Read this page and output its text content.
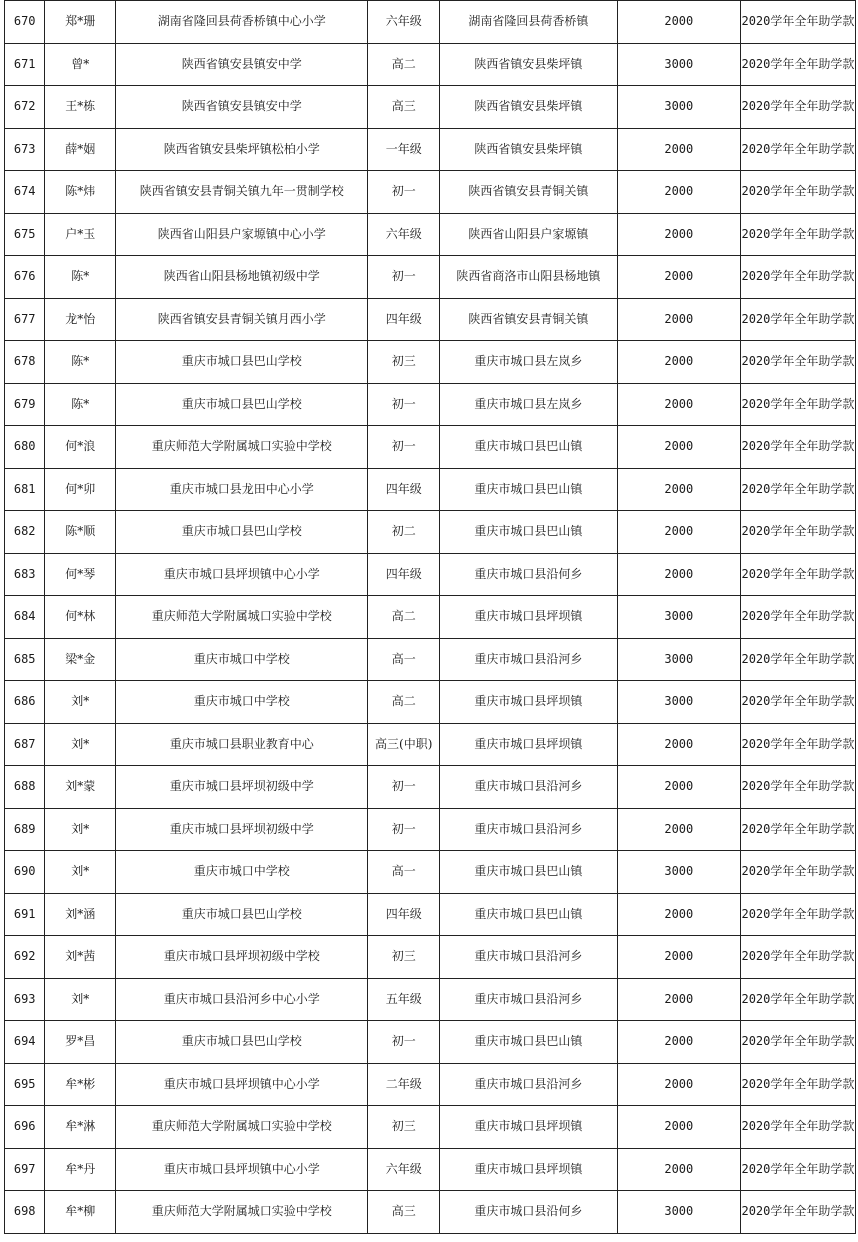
670	郑*珊	湖南省隆回县荷香桥镇中心小学	六年级	湖南省隆回县荷香桥镇	2000	2020学年全年助学款
671	曾*	陕西省镇安县镇安中学	高二	陕西省镇安县柴坪镇	3000	2020学年全年助学款
672	王*栋	陕西省镇安县镇安中学	高三	陕西省镇安县柴坪镇	3000	2020学年全年助学款
673	薛*姻	陕西省镇安县柴坪镇松柏小学	一年级	陕西省镇安县柴坪镇	2000	2020学年全年助学款
674	陈*炜	陕西省镇安县青铜关镇九年一贯制学校	初一	陕西省镇安县青铜关镇	2000	2020学年全年助学款
675	户*玉	陕西省山阳县户家塬镇中心小学	六年级	陕西省山阳县户家塬镇	2000	2020学年全年助学款
676	陈*	陕西省山阳县杨地镇初级中学	初一	陕西省商洛市山阳县杨地镇	2000	2020学年全年助学款
677	龙*怡	陕西省镇安县青铜关镇月西小学	四年级	陕西省镇安县青铜关镇	2000	2020学年全年助学款
678	陈*	重庆市城口县巴山学校	初三	重庆市城口县左岚乡	2000	2020学年全年助学款
679	陈*	重庆市城口县巴山学校	初一	重庆市城口县左岚乡	2000	2020学年全年助学款
680	何*浪	重庆师范大学附属城口实验中学校	初一	重庆市城口县巴山镇	2000	2020学年全年助学款
681	何*卯	重庆市城口县龙田中心小学	四年级	重庆市城口县巴山镇	2000	2020学年全年助学款
682	陈*顺	重庆市城口县巴山学校	初二	重庆市城口县巴山镇	2000	2020学年全年助学款
683	何*琴	重庆市城口县坪坝镇中心小学	四年级	重庆市城口县沿何乡	2000	2020学年全年助学款
684	何*林	重庆师范大学附属城口实验中学校	高二	重庆市城口县坪坝镇	3000	2020学年全年助学款
685	梁*金	重庆市城口中学校	高一	重庆市城口县沿河乡	3000	2020学年全年助学款
686	刘*	重庆市城口中学校	高二	重庆市城口县坪坝镇	3000	2020学年全年助学款
687	刘*	重庆市城口县职业教育中心	高三(中职)	重庆市城口县坪坝镇	2000	2020学年全年助学款
688	刘*蒙	重庆市城口县坪坝初级中学	初一	重庆市城口县沿河乡	2000	2020学年全年助学款
689	刘*	重庆市城口县坪坝初级中学	初一	重庆市城口县沿河乡	2000	2020学年全年助学款
690	刘*	重庆市城口中学校	高一	重庆市城口县巴山镇	3000	2020学年全年助学款
691	刘*涵	重庆市城口县巴山学校	四年级	重庆市城口县巴山镇	2000	2020学年全年助学款
692	刘*茜	重庆市城口县坪坝初级中学校	初三	重庆市城口县沿河乡	2000	2020学年全年助学款
693	刘*	重庆市城口县沿河乡中心小学	五年级	重庆市城口县沿河乡	2000	2020学年全年助学款
694	罗*昌	重庆市城口县巴山学校	初一	重庆市城口县巴山镇	2000	2020学年全年助学款
695	牟*彬	重庆市城口县坪坝镇中心小学	二年级	重庆市城口县沿河乡	2000	2020学年全年助学款
696	牟*淋	重庆师范大学附属城口实验中学校	初三	重庆市城口县坪坝镇	2000	2020学年全年助学款
697	牟*丹	重庆市城口县坪坝镇中心小学	六年级	重庆市城口县坪坝镇	2000	2020学年全年助学款
698	牟*柳	重庆师范大学附属城口实验中学校	高三	重庆市城口县沿何乡	3000	2020学年全年助学款
